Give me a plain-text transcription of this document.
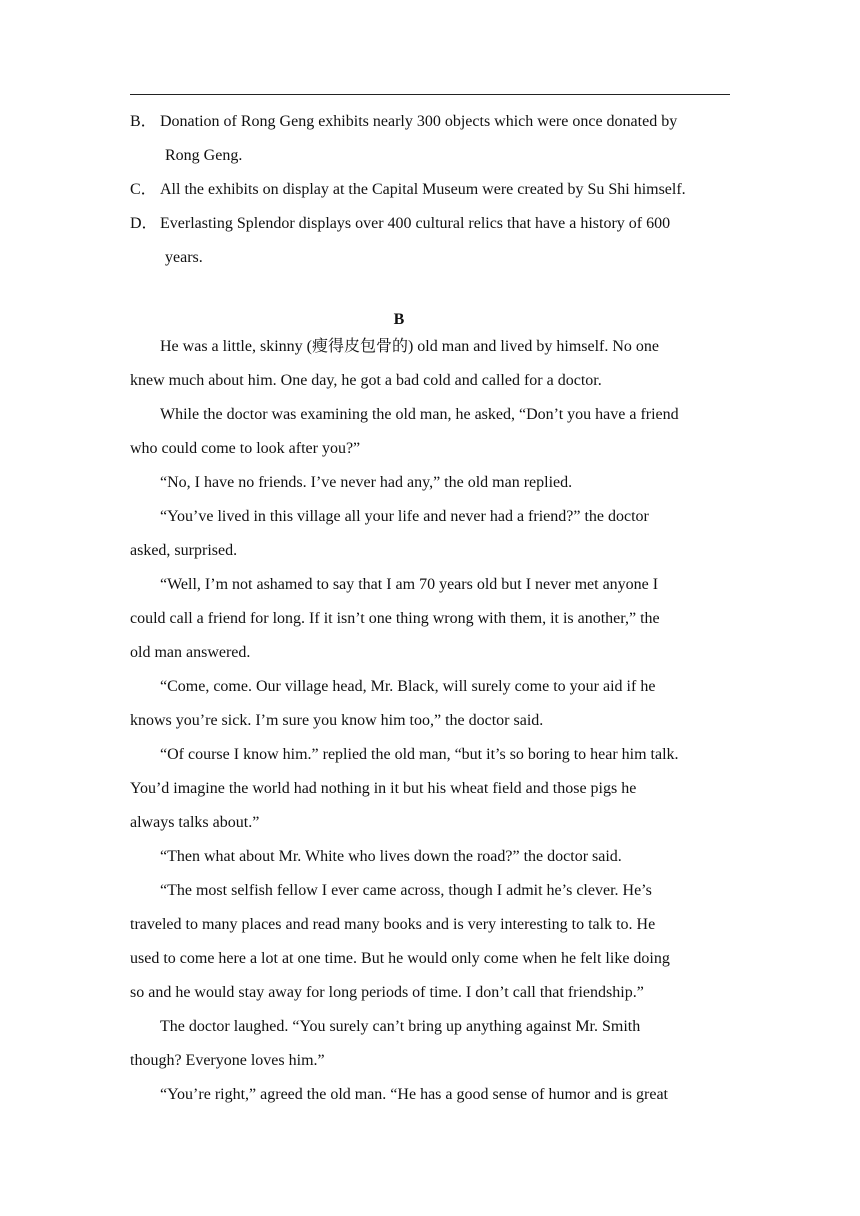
B． Donation of Rong Geng exhibits nearly 300 objects which were once donated by
Rong Geng.
C． All the exhibits on display at the Capital Museum were created by Su Shi himself.
D． Everlasting Splendor displays over 400 cultural relics that have a history of 600
years.
B
He was a little, skinny (瘦得皮包骨的) old man and lived by himself. No one
knew much about him. One day, he got a bad cold and called for a doctor.
While the doctor was examining the old man, he asked, “Don’t you have a friend
who could come to look after you?”
“No, I have no friends. I’ve never had any,” the old man replied.
“You’ve lived in this village all your life and never had a friend?” the doctor
asked, surprised.
“Well, I’m not ashamed to say that I am 70 years old but I never met anyone I
could call a friend for long. If it isn’t one thing wrong with them, it is another,” the
old man answered.
“Come, come. Our village head, Mr. Black, will surely come to your aid if he
knows you’re sick. I’m sure you know him too,” the doctor said.
“Of course I know him.” replied the old man, “but it’s so boring to hear him talk.
You’d imagine the world had nothing in it but his wheat field and those pigs he
always talks about.”
“Then what about Mr. White who lives down the road?” the doctor said.
“The most selfish fellow I ever came across, though I admit he’s clever. He’s
traveled to many places and read many books and is very interesting to talk to. He
used to come here a lot at one time. But he would only come when he felt like doing
so and he would stay away for long periods of time. I don’t call that friendship.”
The doctor laughed. “You surely can’t bring up anything against Mr. Smith
though? Everyone loves him.”
“You’re right,” agreed the old man. “He has a good sense of humor and is great
